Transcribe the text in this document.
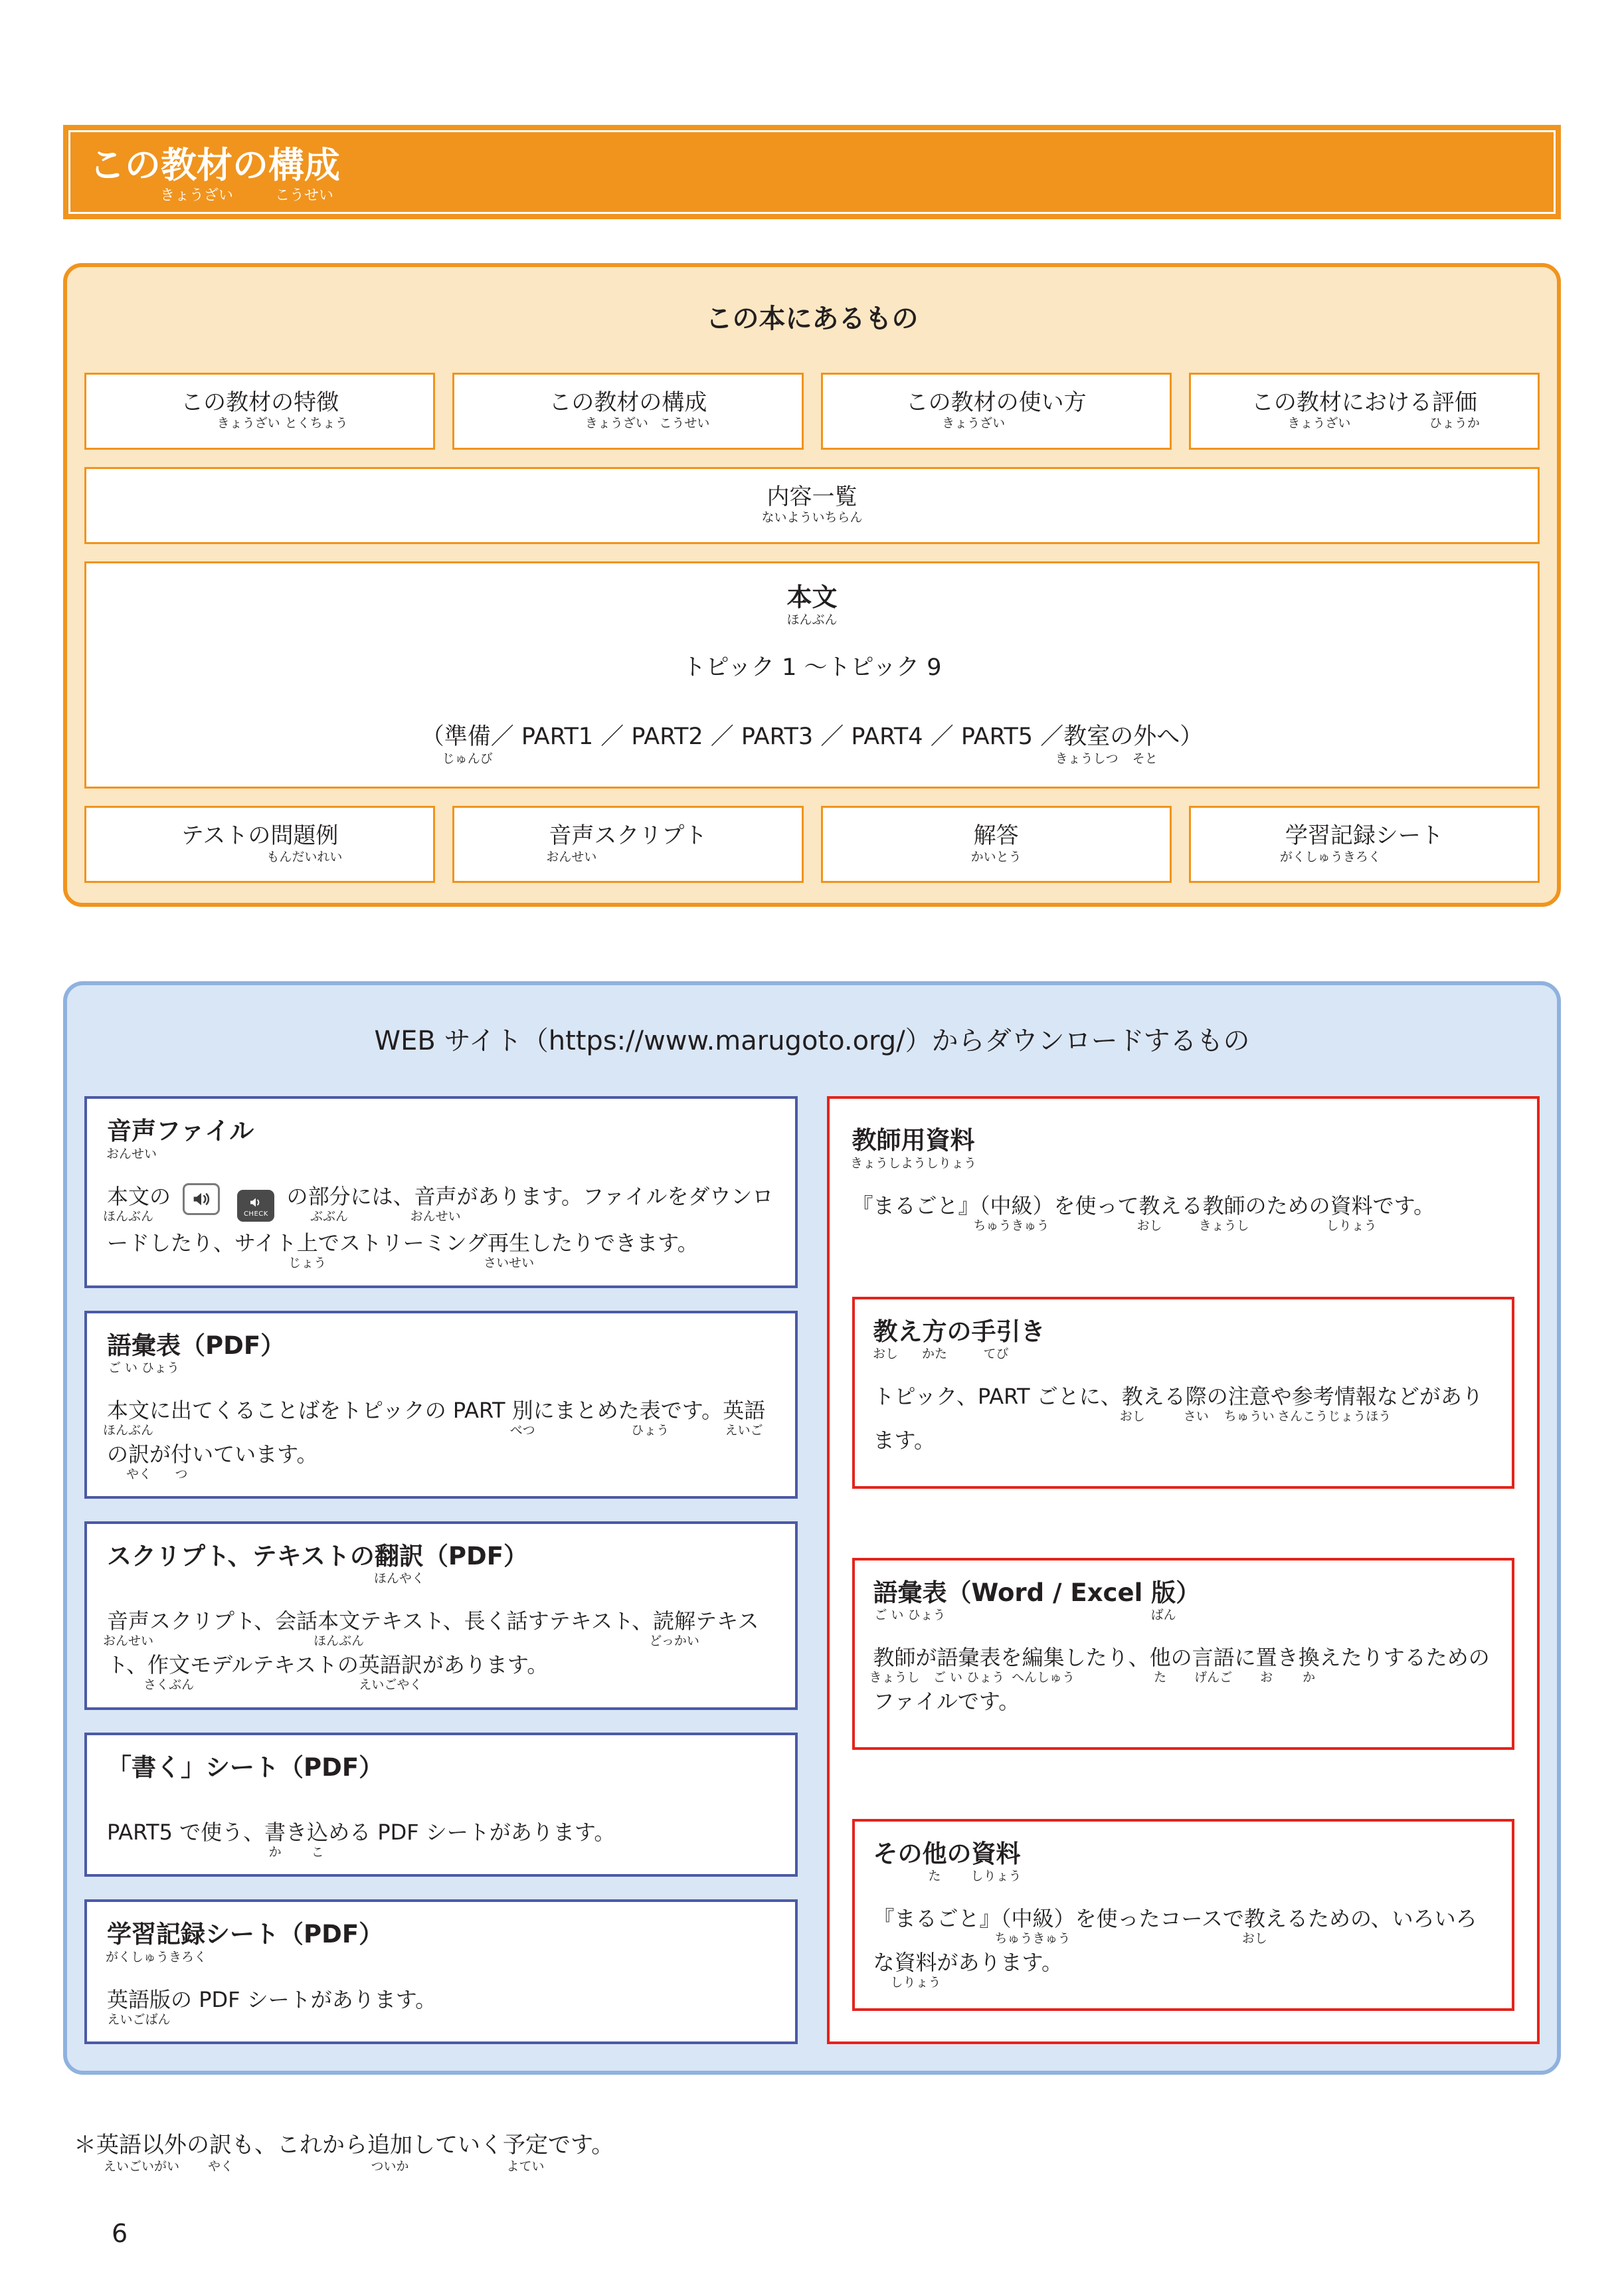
この教材
きょうざい
の構成
こうせい
この本にあるもの
この教材
きょうざい
の特徴
とくちょう
この教材
きょうざい
の構成
こうせい
この教材
きょうざい
の使い方	この教材
きょうざい
における評価
ひょうか
内容一覧
ないよういちらん
本文
ほんぶん
トピック 1 ～トピック 9
（準備
じゅんび
／ PART1 ／ PART2 ／ PART3 ／ PART4 ／ PART5 ／教室
きょうしつ
の外
そと
へ）
テストの問題例
もんだいれい
音声
おんせい
スクリプト	解答
かいとう
学習記録
がくしゅうきろく
シート
WEB サイト（https://www.marugoto.org/）からダウンロードするもの
音声
おんせい
ファイル

本文
ほんぶん
の

CHECK
の部分
ぶぶん
には、音声
おんせい
があります。ファイルをダウンロードしたり、サイト上
じょう
でストリーミング再生
さいせい
したりできます。

語彙表
ご い ひょう
（PDF）

本文
ほんぶん
に出てくることばをトピックの PART 別
べつ
にまとめた表
ひょう
です。英語
えいご
の訳
やく
が付
つ
いています。

スクリプト、テキストの翻訳
ほんやく
（PDF）

音声
おんせい
スクリプト、会話本文
ほんぶん
テキスト、長く話すテキスト、読解
どっかい
テキスト、作文
さくぶん
モデルテキストの英語訳
えいごやく
があります。

「書く」シート（PDF）

PART5 で使う、書
か
き込
こ
める PDF シートがあります。

学習記録
がくしゅうきろく
シート（PDF）

英語版
えいごばん
の PDF シートがあります。

教師用資料
きょうしようしりょう

『まるごと』（中級
ちゅうきゅう
）を使って教
おし
える教師
きょうし
のための資料
しりょう
です。

教
おし
え方
かた
の手引
てび
き

トピック、PART ごとに、教
おし
える際
さい
の注意
ちゅうい
や参考情報
さんこうじょうほう
などがあります。

語彙表
ご い ひょう
（Word / Excel 版
ばん
）

教師
きょうし
が語彙表
ご い ひょう
を編集
へんしゅう
したり、他
た
の言語
げんご
に置
お
き換
か
えたりするためのファイルです。

その他
た
の資料
しりょう

『まるごと』（中級
ちゅうきゅう
）を使ったコースで教
おし
えるための、いろいろな資料
しりょう
があります。

＊英語以外
えいごいがい
の訳
やく
も、これから追加
ついか
していく予定
よてい
です。

6
